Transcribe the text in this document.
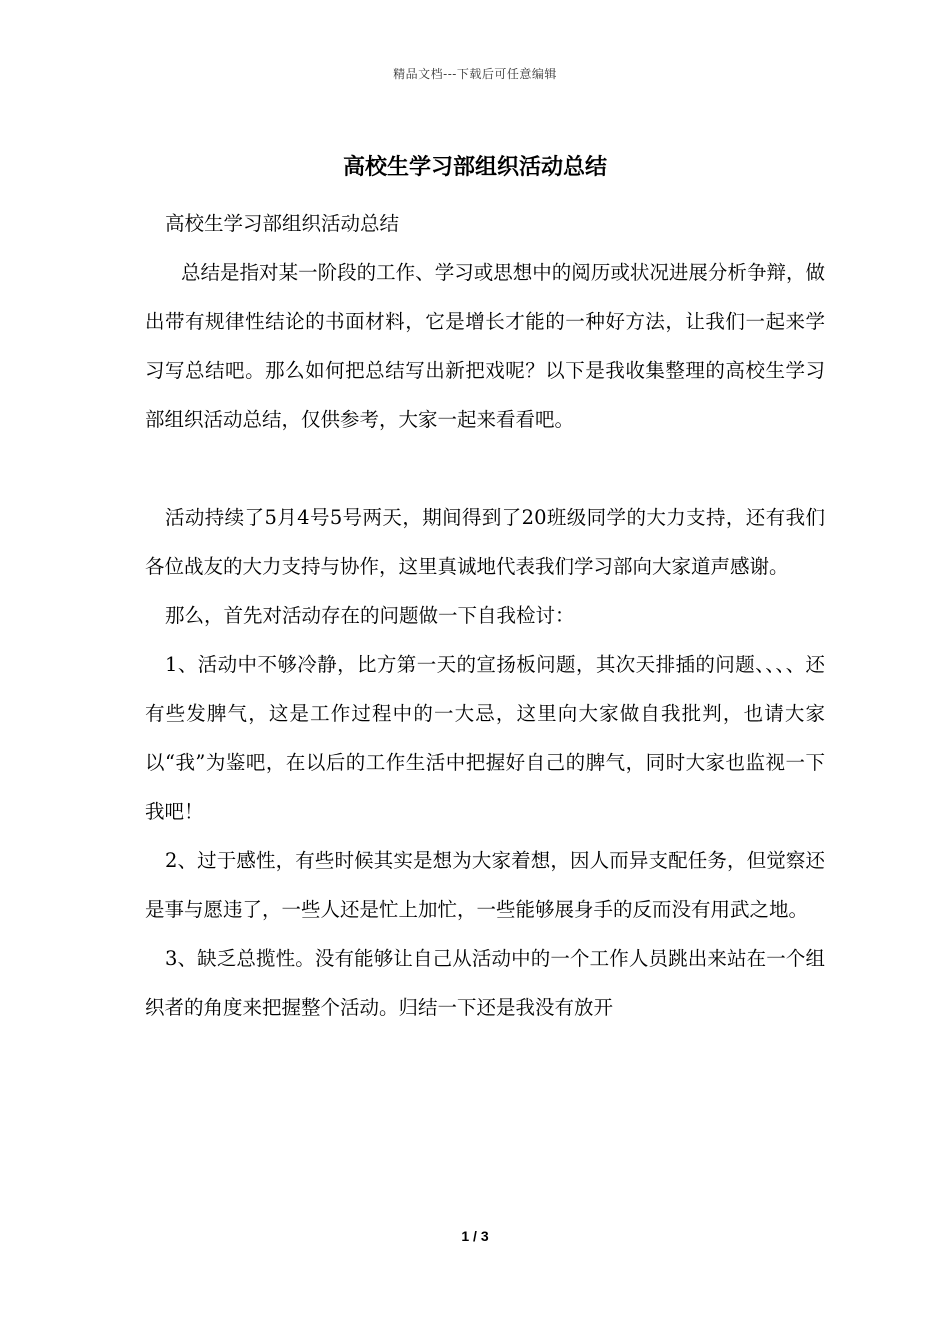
精品文档---下载后可任意编辑
高校生学习部组织活动总结

高校生学习部组织活动总结

总结是指对某一阶段的工作、学习或思想中的阅历或状况进展分析争辩，做出带有规律性结论的书面材料，它是增长才能的一种好方法，让我们一起来学习写总结吧。那么如何把总结写出新把戏呢？以下是我收集整理的高校生学习部组织活动总结，仅供参考，大家一起来看看吧。

活动持续了5月4号5号两天，期间得到了20班级同学的大力支持，还有我们各位战友的大力支持与协作，这里真诚地代表我们学习部向大家道声感谢。

那么，首先对活动存在的问题做一下自我检讨：

1、活动中不够冷静，比方第一天的宣扬板问题，其次天排插的问题、、、、还有些发脾气，这是工作过程中的一大忌，这里向大家做自我批判，也请大家以“我”为鉴吧，在以后的工作生活中把握好自己的脾气，同时大家也监视一下我吧！

2、过于感性，有些时候其实是想为大家着想，因人而异支配任务，但觉察还是事与愿违了，一些人还是忙上加忙，一些能够展身手的反而没有用武之地。

3、缺乏总揽性。没有能够让自己从活动中的一个工作人员跳出来站在一个组织者的角度来把握整个活动。归结一下还是我没有放开

1 / 3
